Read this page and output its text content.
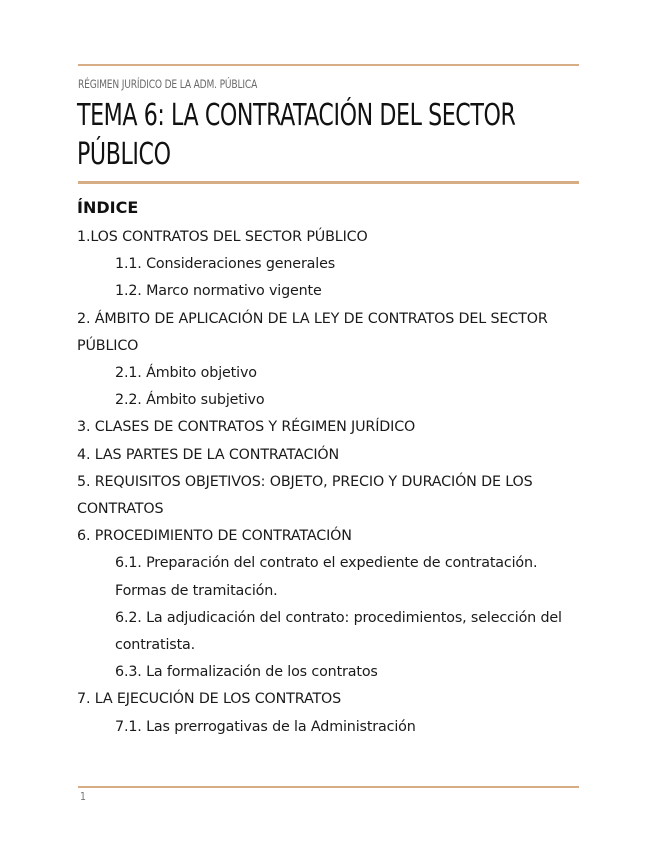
RÉGIMEN JURÍDICO DE LA ADM. PÚBLICA
TEMA 6: LA CONTRATACIÓN DEL SECTOR PÚBLICO
ÍNDICE
1.LOS CONTRATOS DEL SECTOR PÚBLICO
1.1. Consideraciones generales
1.2. Marco normativo vigente
2. ÁMBITO DE APLICACIÓN DE LA LEY DE CONTRATOS DEL SECTOR PÚBLICO
2.1. Ámbito objetivo
2.2. Ámbito subjetivo
3. CLASES DE CONTRATOS Y RÉGIMEN JURÍDICO
4. LAS PARTES DE LA CONTRATACIÓN
5. REQUISITOS OBJETIVOS: OBJETO, PRECIO Y DURACIÓN DE LOS CONTRATOS
6. PROCEDIMIENTO DE CONTRATACIÓN
6.1. Preparación del contrato el expediente de contratación. Formas de tramitación.
6.2. La adjudicación del contrato: procedimientos, selección del contratista.
6.3. La formalización de los contratos
7. LA EJECUCIÓN DE LOS CONTRATOS
7.1. Las prerrogativas de la Administración
1
